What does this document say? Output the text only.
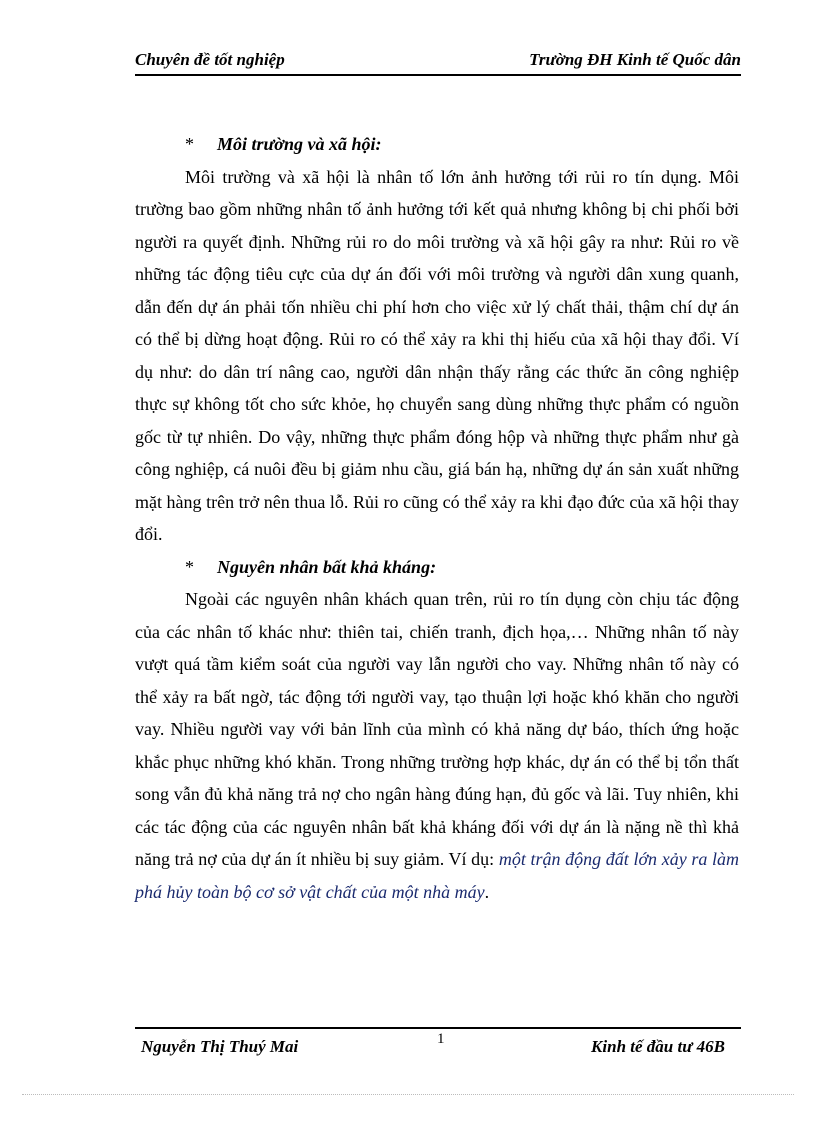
Chuyên đề tốt nghiệp	Trường ĐH Kinh tế Quốc dân
* Môi trường và xã hội:

Môi trường và xã hội là nhân tố lớn ảnh hưởng tới rủi ro tín dụng. Môi trường bao gồm những nhân tố ảnh hưởng tới kết quả nhưng không bị chi phối bởi người ra quyết định. Những rủi ro do môi trường và xã hội gây ra như: Rủi ro về những tác động tiêu cực của dự án đối với môi trường và người dân xung quanh, dẫn đến dự án phải tốn nhiều chi phí hơn cho việc xử lý chất thải, thậm chí dự án có thể bị dừng hoạt động. Rủi ro có thể xảy ra khi thị hiếu của xã hội thay đổi. Ví dụ như: do dân trí nâng cao, người dân nhận thấy rằng các thức ăn công nghiệp thực sự không tốt cho sức khỏe, họ chuyển sang dùng những thực phẩm có nguồn gốc từ tự nhiên. Do vậy, những thực phẩm đóng hộp và những thực phẩm như gà công nghiệp, cá nuôi đều bị giảm nhu cầu, giá bán hạ, những dự án sản xuất những mặt hàng trên trở nên thua lỗ. Rủi ro cũng có thể xảy ra khi đạo đức của xã hội thay đổi.

* Nguyên nhân bất khả kháng:

Ngoài các nguyên nhân khách quan trên, rủi ro tín dụng còn chịu tác động của các nhân tố khác như: thiên tai, chiến tranh, địch họa,… Những nhân tố này vượt quá tầm kiểm soát của người vay lẫn người cho vay. Những nhân tố này có thể xảy ra bất ngờ, tác động tới người vay, tạo thuận lợi hoặc khó khăn cho người vay. Nhiều người vay với bản lĩnh của mình có khả năng dự báo, thích ứng hoặc khắc phục những khó khăn. Trong những trường hợp khác, dự án có thể bị tổn thất song vẫn đủ khả năng trả nợ cho ngân hàng đúng hạn, đủ gốc và lãi. Tuy nhiên, khi các tác động của các nguyên nhân bất khả kháng đối với dự án là nặng nề thì khả năng trả nợ của dự án ít nhiều bị suy giảm. Ví dụ: một trận động đất lớn xảy ra làm phá hủy toàn bộ cơ sở vật chất của một nhà máy.

Nguyễn Thị Thuý Mai	1	Kinh tế đầu tư 46B
